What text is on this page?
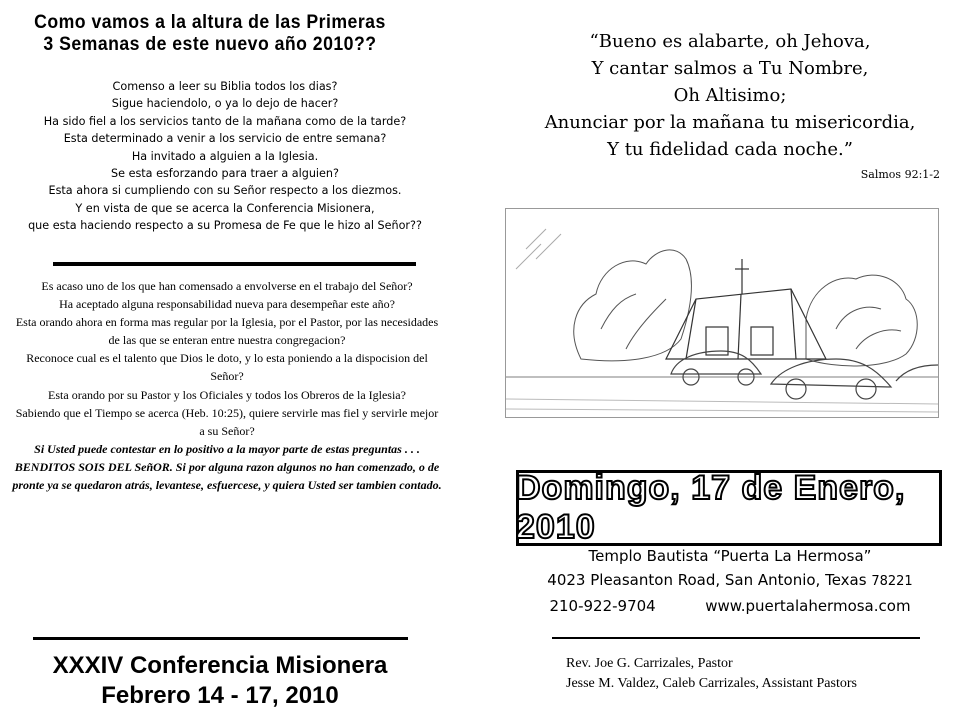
Como vamos a la altura de las Primeras
3 Semanas de este nuevo año 2010??
Comenso a leer su Biblia todos los dias?
Sigue haciendolo, o ya lo dejo de hacer?
Ha sido fiel a los servicios tanto de la mañana como de la tarde?
Esta determinado a venir a los servicio de entre semana?
Ha invitado a alguien a la Iglesia.
Se esta esforzando para traer a alguien?
Esta ahora si cumpliendo con su Señor respecto a los diezmos.
Y en vista de que se acerca la Conferencia Misionera,
que esta haciendo respecto a su Promesa de Fe que le hizo al Señor??
Es acaso uno de los que han comensado a envolverse en el trabajo del Señor?
Ha aceptado alguna responsabilidad nueva para desempeñar este año?
Esta orando ahora en forma mas regular por la Iglesia, por el Pastor, por las necesidades de las que se enteran entre nuestra congregacion?
Reconoce cual es el talento que Dios le doto, y lo esta poniendo a la dispocision del Señor?
Esta orando por su Pastor y los Oficiales y todos los Obreros de la Iglesia?
Sabiendo que el Tiempo se acerca (Heb. 10:25), quiere servirle mas fiel y servirle mejor a su Señor?
Si Usted puede contestar en lo positivo a la mayor parte de estas preguntas . . . BENDITOS SOIS DEL SeñOR. Si por alguna razon algunos no han comenzado, o de pronte ya se quedaron atrás, levantese, esfuercese, y quiera Usted ser tambien contado.
XXXIV Conferencia Misionera
Febrero 14 - 17, 2010
“Bueno es alabarte, oh Jehova,
Y cantar salmos a Tu Nombre,
Oh Altisimo;
Anunciar por la mañana tu misericordia,
Y tu fidelidad cada noche.”
Salmos 92:1-2
Domingo, 17 de Enero, 2010
Templo Bautista “Puerta La Hermosa”
4023 Pleasanton Road, San Antonio, Texas 78221
210-922-9704	www.puertalahermosa.com
Rev. Joe G. Carrizales, Pastor
Jesse M. Valdez, Caleb Carrizales, Assistant Pastors
